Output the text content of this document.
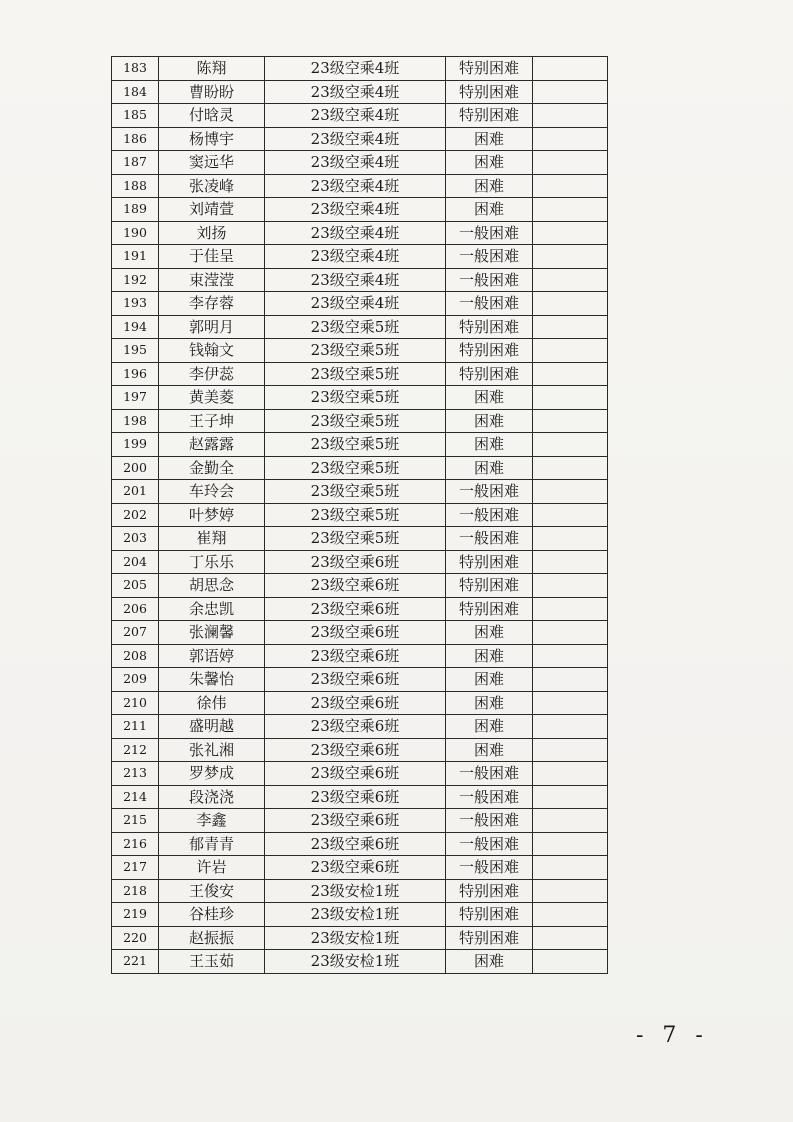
183	陈翔	23级空乘4班	特别困难	
184	曹盼盼	23级空乘4班	特别困难	
185	付晗灵	23级空乘4班	特别困难	
186	杨博宇	23级空乘4班	困难	
187	窦远华	23级空乘4班	困难	
188	张凌峰	23级空乘4班	困难	
189	刘靖萱	23级空乘4班	困难	
190	刘扬	23级空乘4班	一般困难	
191	于佳呈	23级空乘4班	一般困难	
192	束滢滢	23级空乘4班	一般困难	
193	李存蓉	23级空乘4班	一般困难	
194	郭明月	23级空乘5班	特别困难	
195	钱翰文	23级空乘5班	特别困难	
196	李伊蕊	23级空乘5班	特别困难	
197	黄美菱	23级空乘5班	困难	
198	王子坤	23级空乘5班	困难	
199	赵露露	23级空乘5班	困难	
200	金勤全	23级空乘5班	困难	
201	车玲会	23级空乘5班	一般困难	
202	叶梦婷	23级空乘5班	一般困难	
203	崔翔	23级空乘5班	一般困难	
204	丁乐乐	23级空乘6班	特别困难	
205	胡思念	23级空乘6班	特别困难	
206	余忠凯	23级空乘6班	特别困难	
207	张澜馨	23级空乘6班	困难	
208	郭语婷	23级空乘6班	困难	
209	朱馨怡	23级空乘6班	困难	
210	徐伟	23级空乘6班	困难	
211	盛明越	23级空乘6班	困难	
212	张礼湘	23级空乘6班	困难	
213	罗梦成	23级空乘6班	一般困难	
214	段浇浇	23级空乘6班	一般困难	
215	李鑫	23级空乘6班	一般困难	
216	郁青青	23级空乘6班	一般困难	
217	许岩	23级空乘6班	一般困难	
218	王俊安	23级安检1班	特别困难	
219	谷桂珍	23级安检1班	特别困难	
220	赵振振	23级安检1班	特别困难	
221	王玉茹	23级安检1班	困难	
- 7 -
